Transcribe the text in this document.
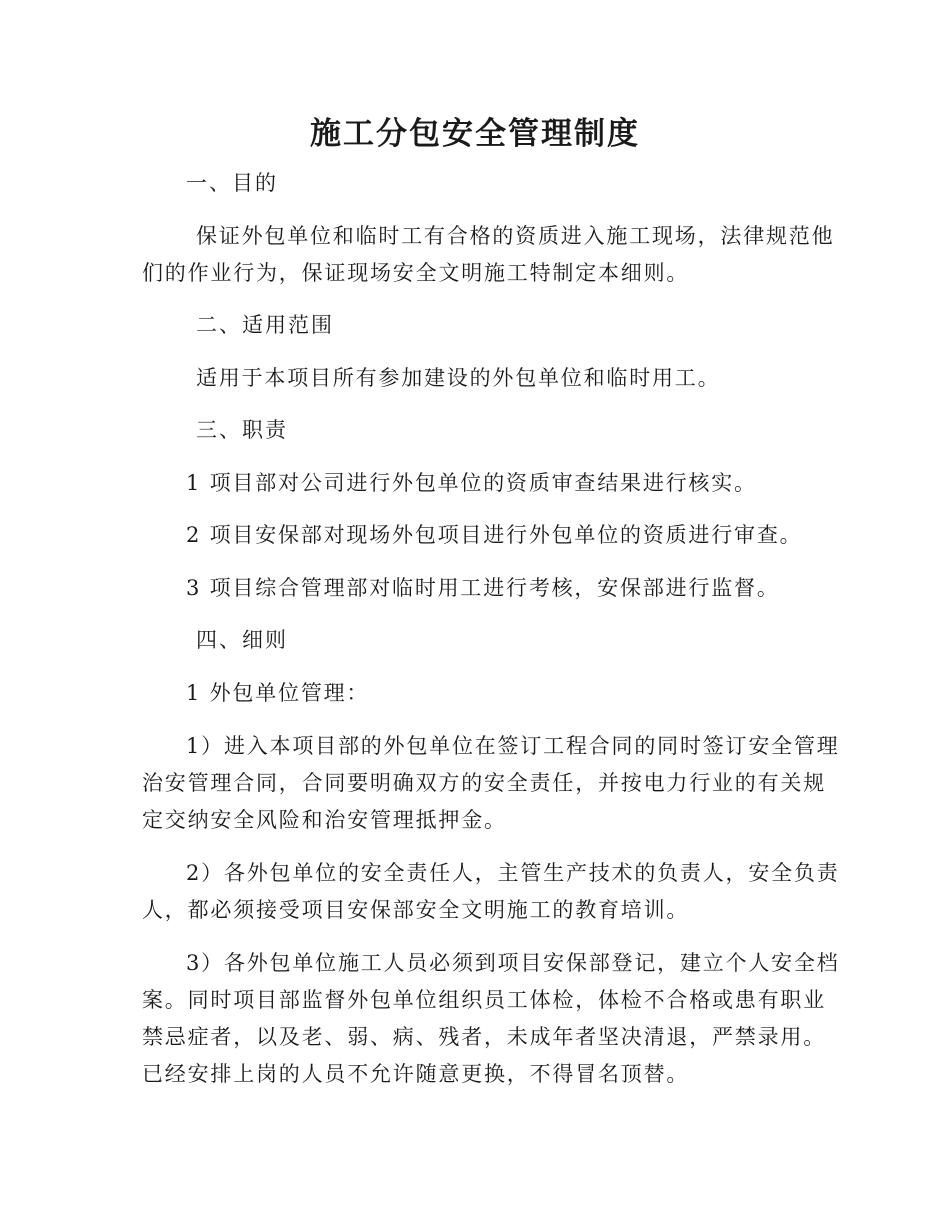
施工分包安全管理制度
一、目的
保证外包单位和临时工有合格的资质进入施工现场，法律规范他
们的作业行为，保证现场安全文明施工特制定本细则。
二、适用范围
适用于本项目所有参加建设的外包单位和临时用工。
三、职责
1 项目部对公司进行外包单位的资质审查结果进行核实。
2 项目安保部对现场外包项目进行外包单位的资质进行审查。
3 项目综合管理部对临时用工进行考核，安保部进行监督。
四、细则
1 外包单位管理：
1）进入本项目部的外包单位在签订工程合同的同时签订安全管理
治安管理合同，合同要明确双方的安全责任，并按电力行业的有关规
定交纳安全风险和治安管理抵押金。
2）各外包单位的安全责任人，主管生产技术的负责人，安全负责
人，都必须接受项目安保部安全文明施工的教育培训。
3）各外包单位施工人员必须到项目安保部登记，建立个人安全档
案。同时项目部监督外包单位组织员工体检，体检不合格或患有职业
禁忌症者，以及老、弱、病、残者，未成年者坚决清退，严禁录用。
已经安排上岗的人员不允许随意更换，不得冒名顶替。
